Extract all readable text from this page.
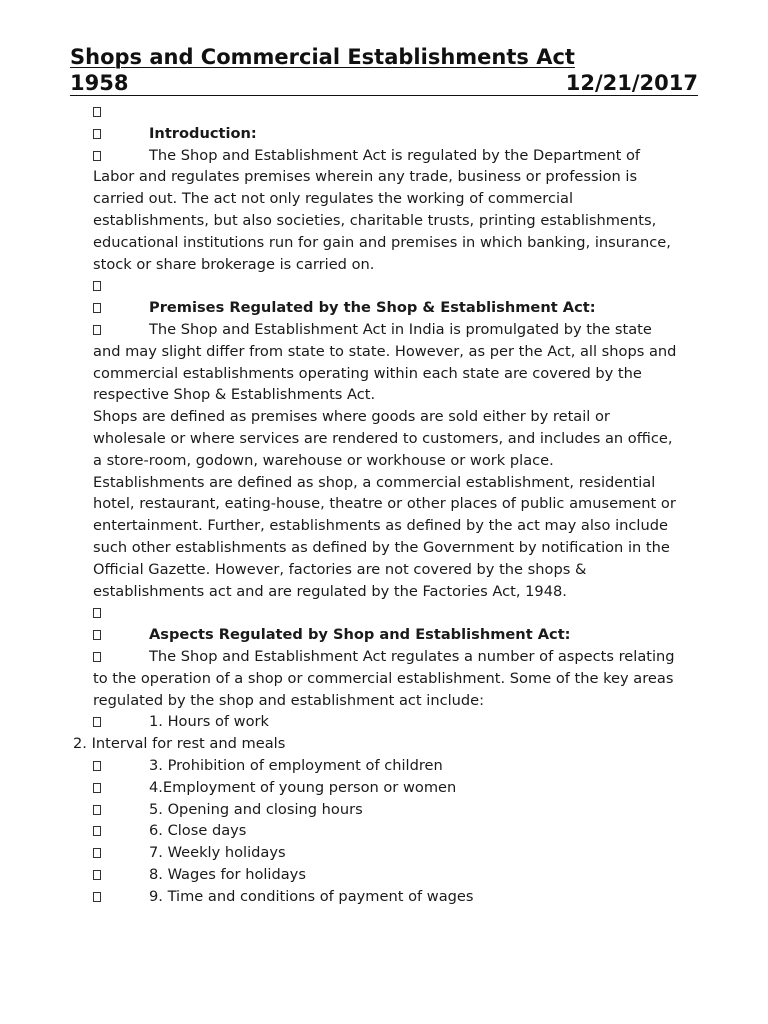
Shops and Commercial Establishments Act
1958	12/21/2017
Introduction:
The Shop and Establishment Act is regulated by the Department of Labor and regulates premises wherein any trade, business or profession is carried out. The act not only regulates the working of commercial establishments, but also societies, charitable trusts, printing establishments, educational institutions run for gain and premises in which banking, insurance, stock or share brokerage is carried on.
Premises Regulated by the Shop & Establishment Act:
The Shop and Establishment Act in India is promulgated by the state and may slight differ from state to state. However, as per the Act, all shops and commercial establishments operating within each state are covered by the respective Shop & Establishments Act.
Shops are defined as premises where goods are sold either by retail or wholesale or where services are rendered to customers, and includes an office, a store-room, godown, warehouse or workhouse or work place.
Establishments are defined as shop, a commercial establishment, residential hotel, restaurant, eating-house, theatre or other places of public amusement or entertainment. Further, establishments as defined by the act may also include such other establishments as defined by the Government by notification in the Official Gazette. However, factories are not covered by the shops & establishments act and are regulated by the Factories Act, 1948.
Aspects Regulated by Shop and Establishment Act:
The Shop and Establishment Act regulates a number of aspects relating to the operation of a shop or commercial establishment. Some of the key areas regulated by the shop and establishment act include:
1. Hours of work
2. Interval for rest and meals
3. Prohibition of employment of children
4.Employment of young person or women
5. Opening and closing hours
6. Close days
7. Weekly holidays
8. Wages for holidays
9. Time and conditions of payment of wages
